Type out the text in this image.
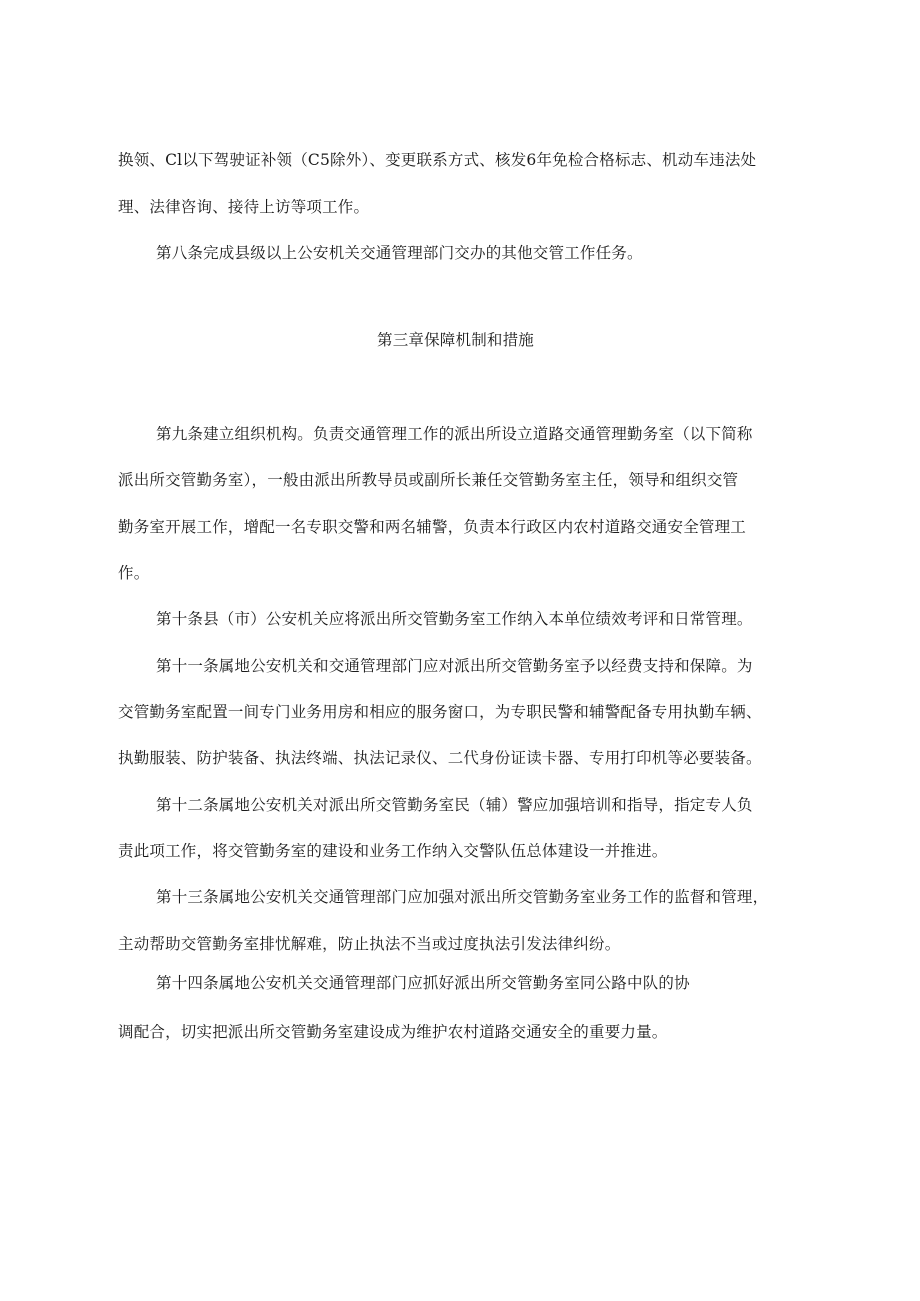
换领、Cl以下驾驶证补领（C5除外）、变更联系方式、核发6年免检合格标志、机动车违法处
理、法律咨询、接待上访等项工作。
第八条完成县级以上公安机关交通管理部门交办的其他交管工作任务。
第三章保障机制和措施
第九条建立组织机构。负责交通管理工作的派出所设立道路交通管理勤务室（以下简称
派出所交管勤务室），一般由派出所教导员或副所长兼任交管勤务室主任，领导和组织交管
勤务室开展工作，增配一名专职交警和两名辅警，负责本行政区内农村道路交通安全管理工
作。
第十条县（市）公安机关应将派出所交管勤务室工作纳入本单位绩效考评和日常管理。
第十一条属地公安机关和交通管理部门应对派出所交管勤务室予以经费支持和保障。为
交管勤务室配置一间专门业务用房和相应的服务窗口，为专职民警和辅警配备专用执勤车辆、
执勤服装、防护装备、执法终端、执法记录仪、二代身份证读卡器、专用打印机等必要装备。
第十二条属地公安机关对派出所交管勤务室民（辅）警应加强培训和指导，指定专人负
责此项工作，将交管勤务室的建设和业务工作纳入交警队伍总体建设一并推进。
第十三条属地公安机关交通管理部门应加强对派出所交管勤务室业务工作的监督和管理，
主动帮助交管勤务室排忧解难，防止执法不当或过度执法引发法律纠纷。
第十四条属地公安机关交通管理部门应抓好派出所交管勤务室同公路中队的协
调配合，切实把派出所交管勤务室建设成为维护农村道路交通安全的重要力量。
